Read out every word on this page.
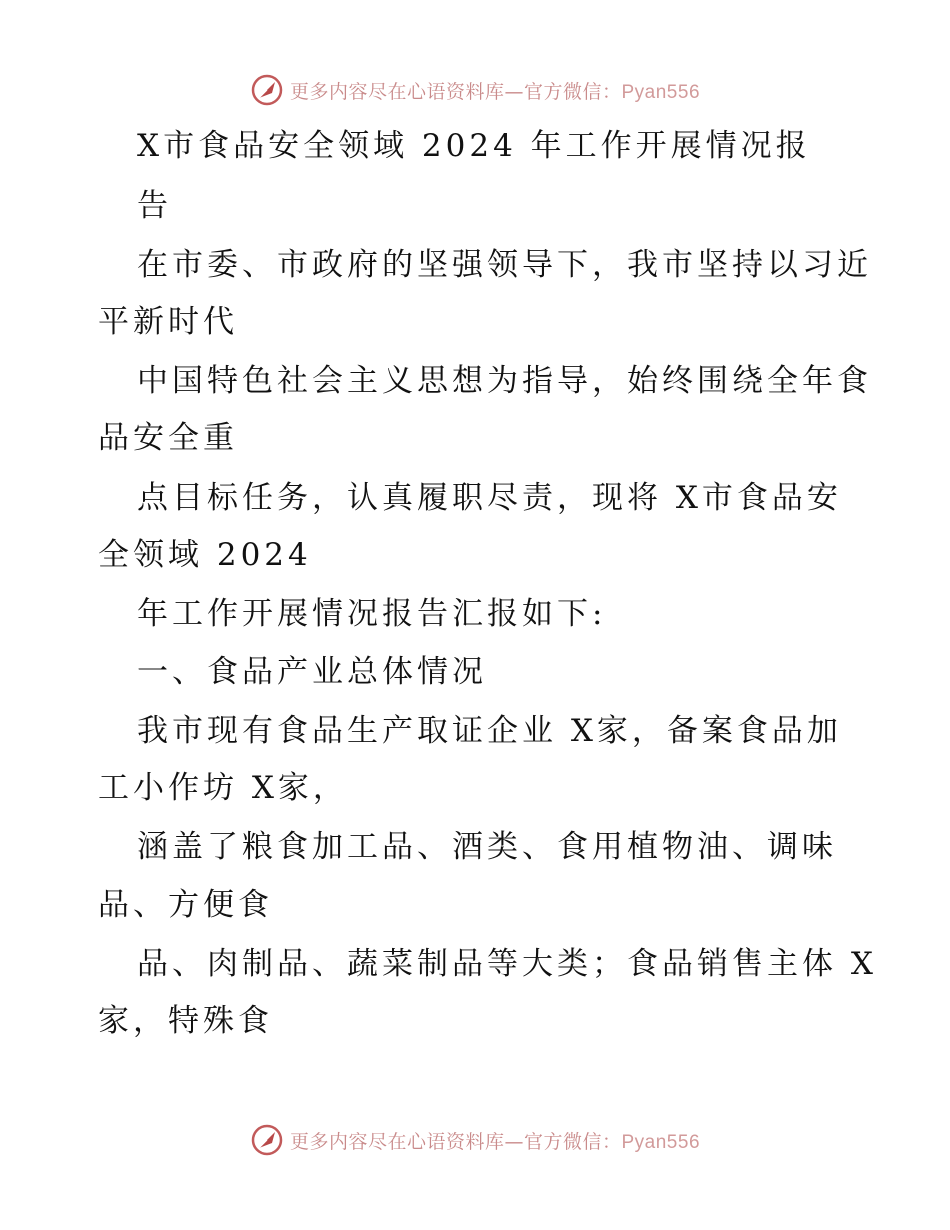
更多内容尽在心语资料库—官方微信：Pyan556
X市食品安全领域 2024 年工作开展情况报
告
在市委、市政府的坚强领导下，我市坚持以习近
平新时代
中国特色社会主义思想为指导，始终围绕全年食
品安全重
点目标任务，认真履职尽责，现将 X市食品安
全领域 2024
年工作开展情况报告汇报如下:
一、食品产业总体情况
我市现有食品生产取证企业 X家，备案食品加
工小作坊 X家，
涵盖了粮食加工品、酒类、食用植物油、调味
品、方便食
品、肉制品、蔬菜制品等大类；食品销售主体 X
家，特殊食
更多内容尽在心语资料库—官方微信：Pyan556
